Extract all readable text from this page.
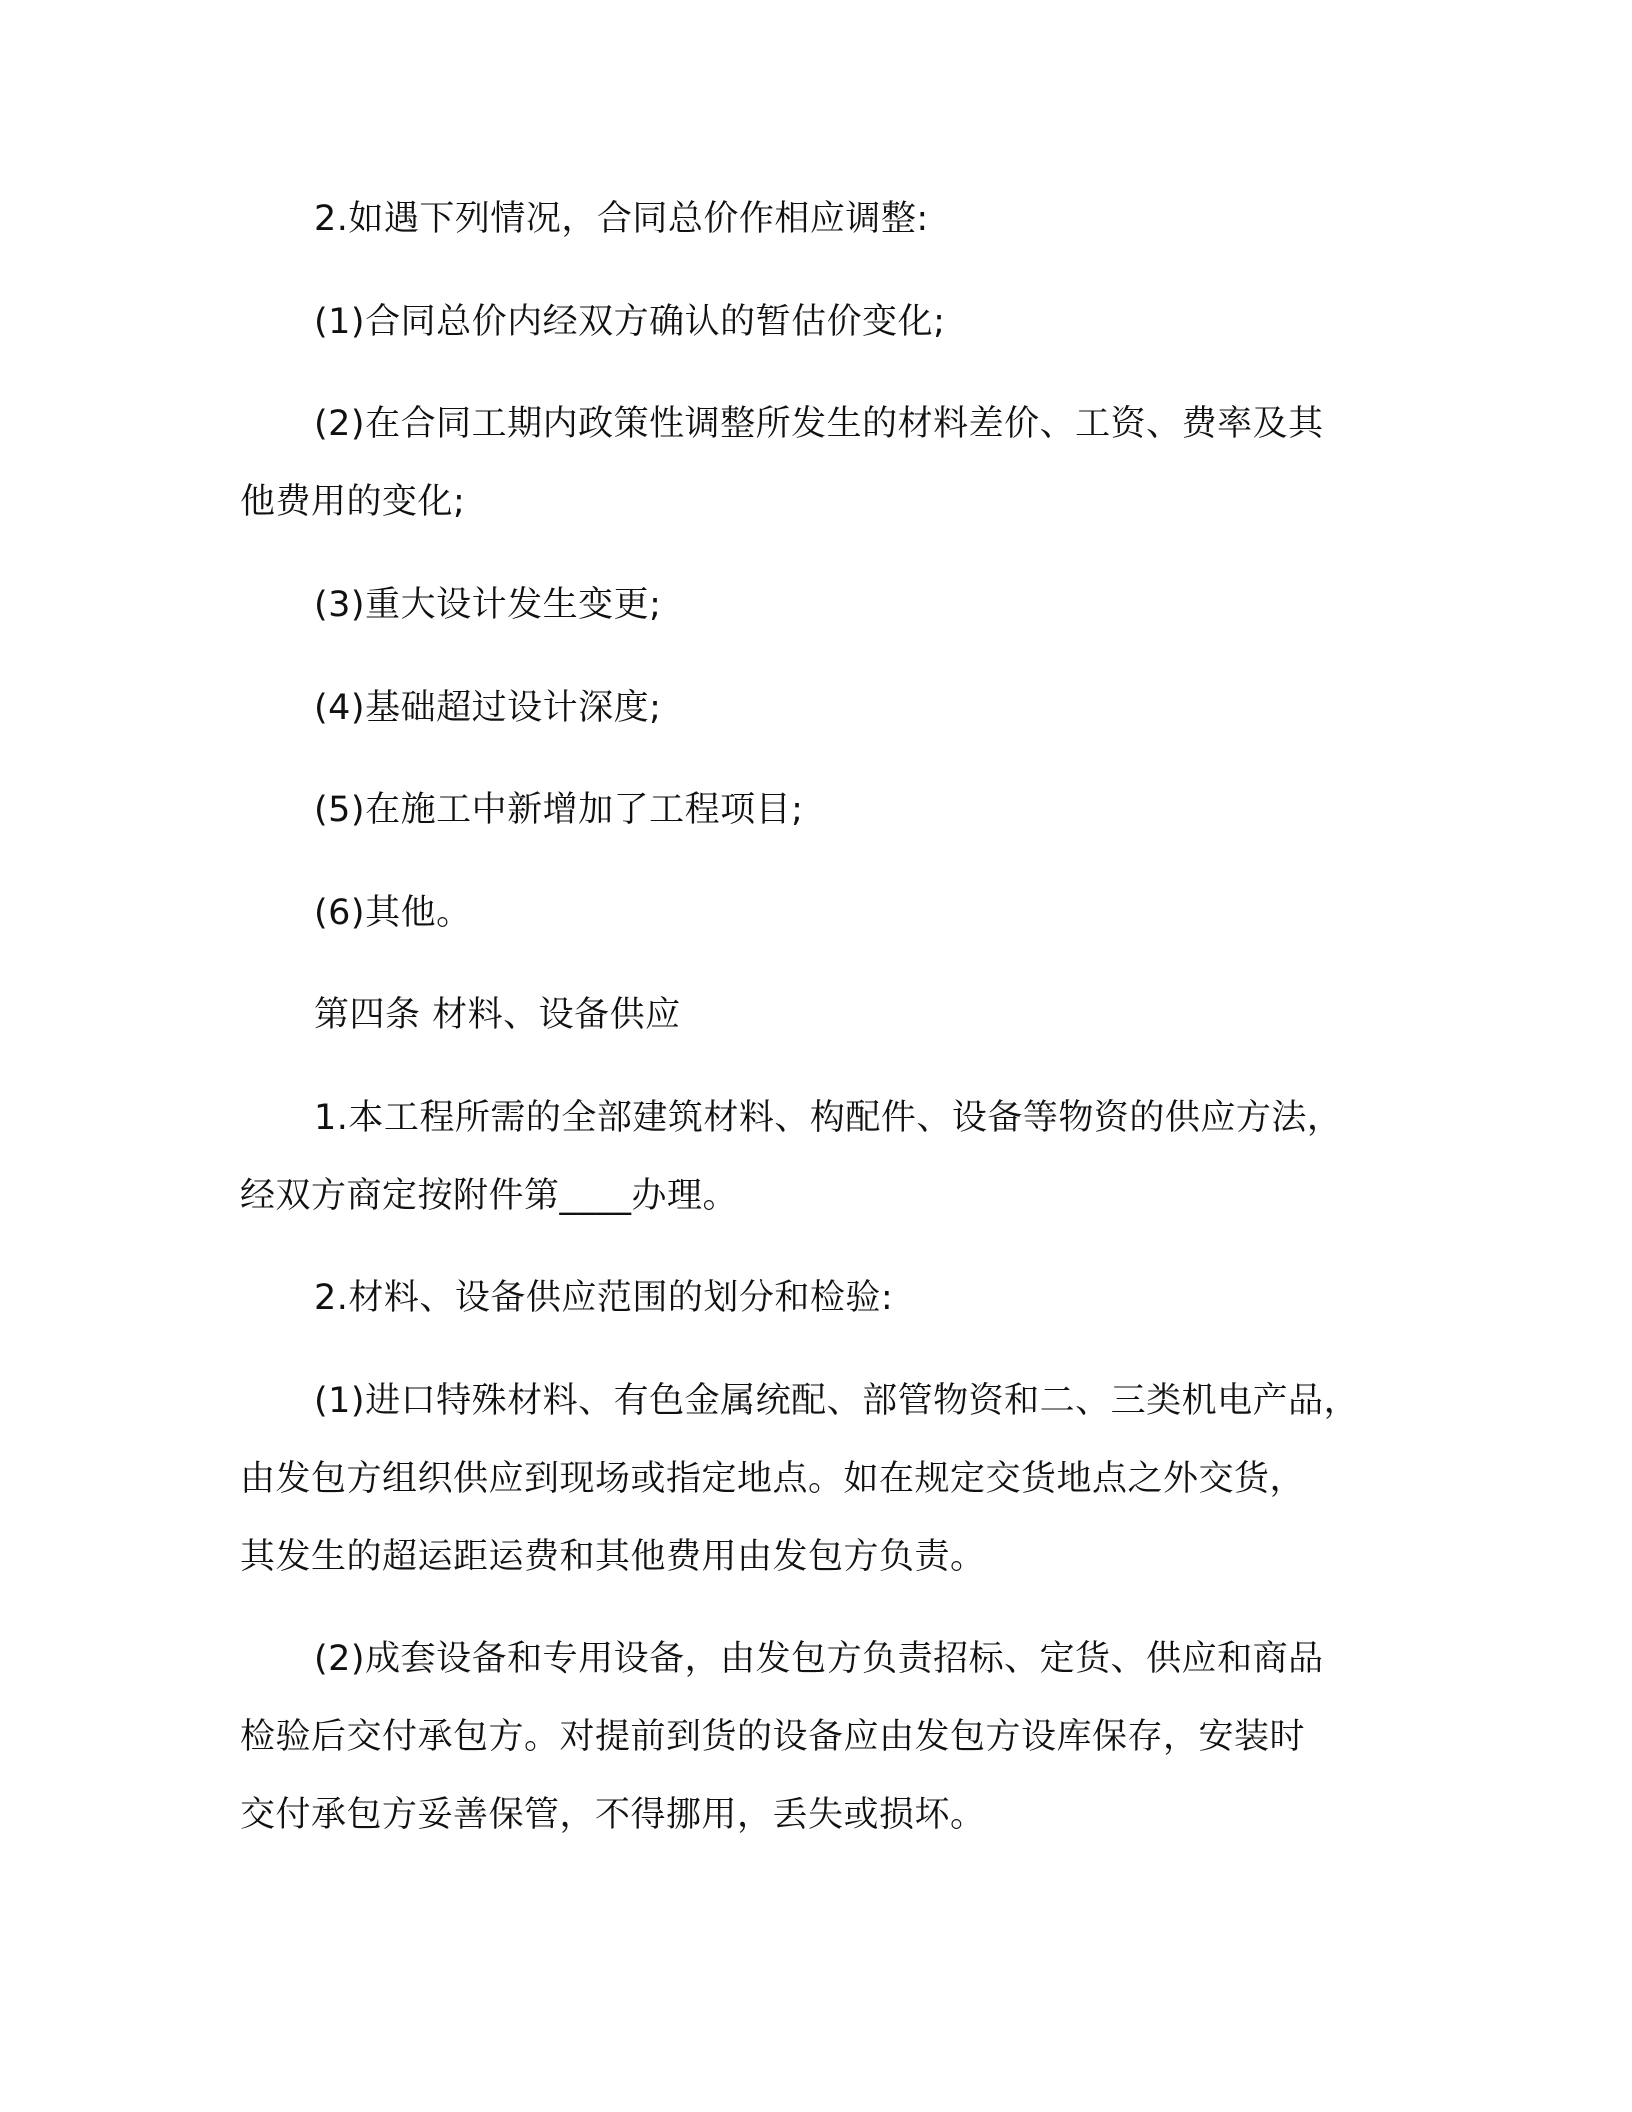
2.如遇下列情况，合同总价作相应调整:

(1)合同总价内经双方确认的暂估价变化;

(2)在合同工期内政策性调整所发生的材料差价、工资、费率及其

他费用的变化;

(3)重大设计发生变更;

(4)基础超过设计深度;

(5)在施工中新增加了工程项目;

(6)其他。

第四条 材料、设备供应

1.本工程所需的全部建筑材料、构配件、设备等物资的供应方法，

经双方商定按附件第____办理。

2.材料、设备供应范围的划分和检验:

(1)进口特殊材料、有色金属统配、部管物资和二、三类机电产品，

由发包方组织供应到现场或指定地点。如在规定交货地点之外交货，

其发生的超运距运费和其他费用由发包方负责。

(2)成套设备和专用设备，由发包方负责招标、定货、供应和商品

检验后交付承包方。对提前到货的设备应由发包方设库保存，安装时

交付承包方妥善保管，不得挪用，丢失或损坏。
